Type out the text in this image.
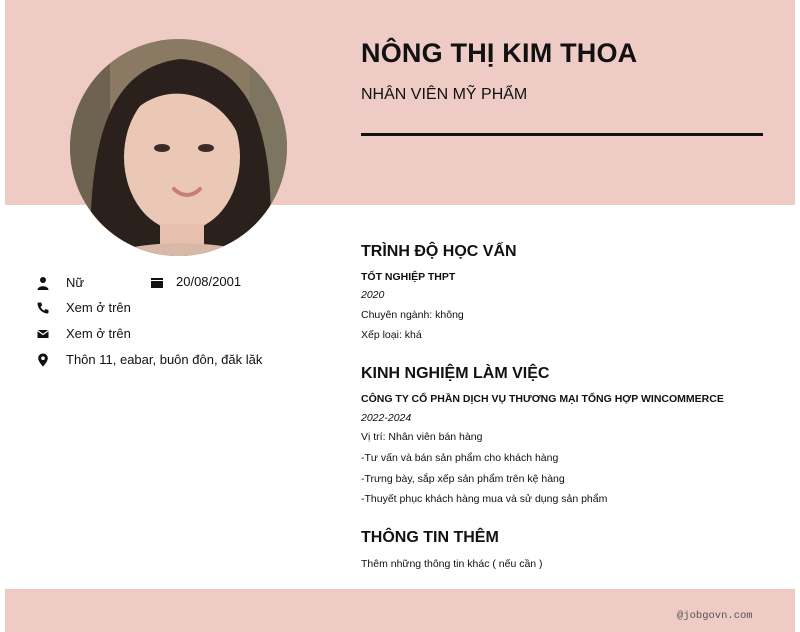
NÔNG THỊ KIM THOA
NHÂN VIÊN MỸ PHẨM
Nữ	20/08/2001
Xem ở trên
Xem ở trên
Thôn 11, eabar, buôn đôn, đăk lăk
TRÌNH ĐỘ HỌC VẤN
TỐT NGHIỆP THPT
2020
Chuyên ngành: không
Xếp loại: khá
KINH NGHIỆM LÀM VIỆC
CÔNG TY CỔ PHẦN DỊCH VỤ THƯƠNG MẠI TỔNG HỢP WINCOMMERCE
2022-2024
Vị trí: Nhân viên bán hàng
-Tư vấn và bán sản phẩm cho khách hàng
-Trưng bày, sắp xếp sản phẩm trên kệ hàng
-Thuyết phục khách hàng mua và sử dụng sản phẩm
THÔNG TIN THÊM
Thêm những thông tin khác ( nếu cần )
@jobgovn.com
